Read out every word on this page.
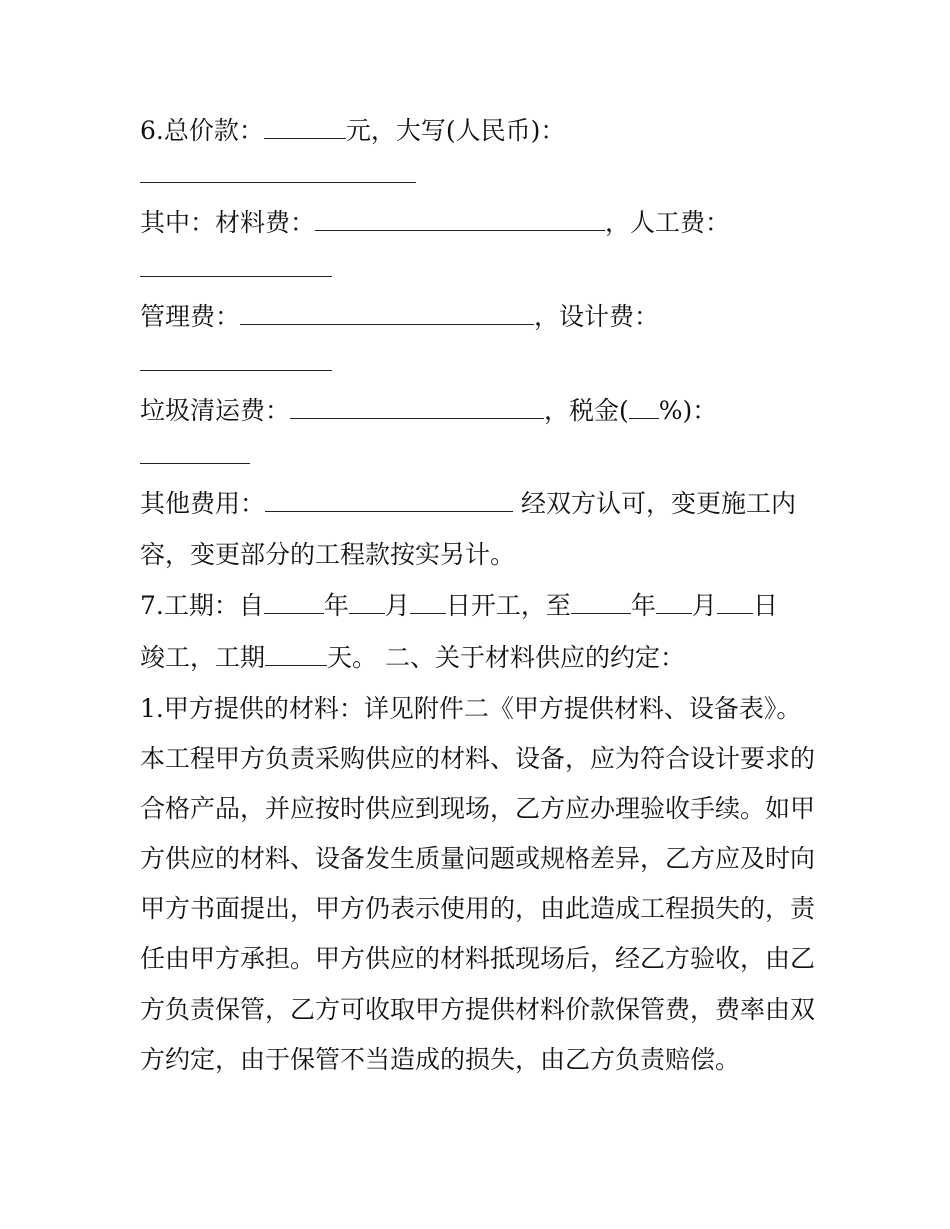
6.总价款：	元，大写(人民币)：
其中：材料费：	，人工费：
管理费：	，设计费：
垃圾清运费：	，税金( %)：
其他费用：	经双方认可，变更施工内
容，变更部分的工程款按实另计。
7.工期：自 年 月 日开工，至 年 月 日
竣工，工期 天。 二、关于材料供应的约定：
1.甲方提供的材料：详见附件二《甲方提供材料、设备表》。
本工程甲方负责采购供应的材料、设备，应为符合设计要求的
合格产品，并应按时供应到现场，乙方应办理验收手续。如甲
方供应的材料、设备发生质量问题或规格差异，乙方应及时向
甲方书面提出，甲方仍表示使用的，由此造成工程损失的，责
任由甲方承担。甲方供应的材料抵现场后，经乙方验收，由乙
方负责保管，乙方可收取甲方提供材料价款保管费，费率由双
方约定，由于保管不当造成的损失，由乙方负责赔偿。
